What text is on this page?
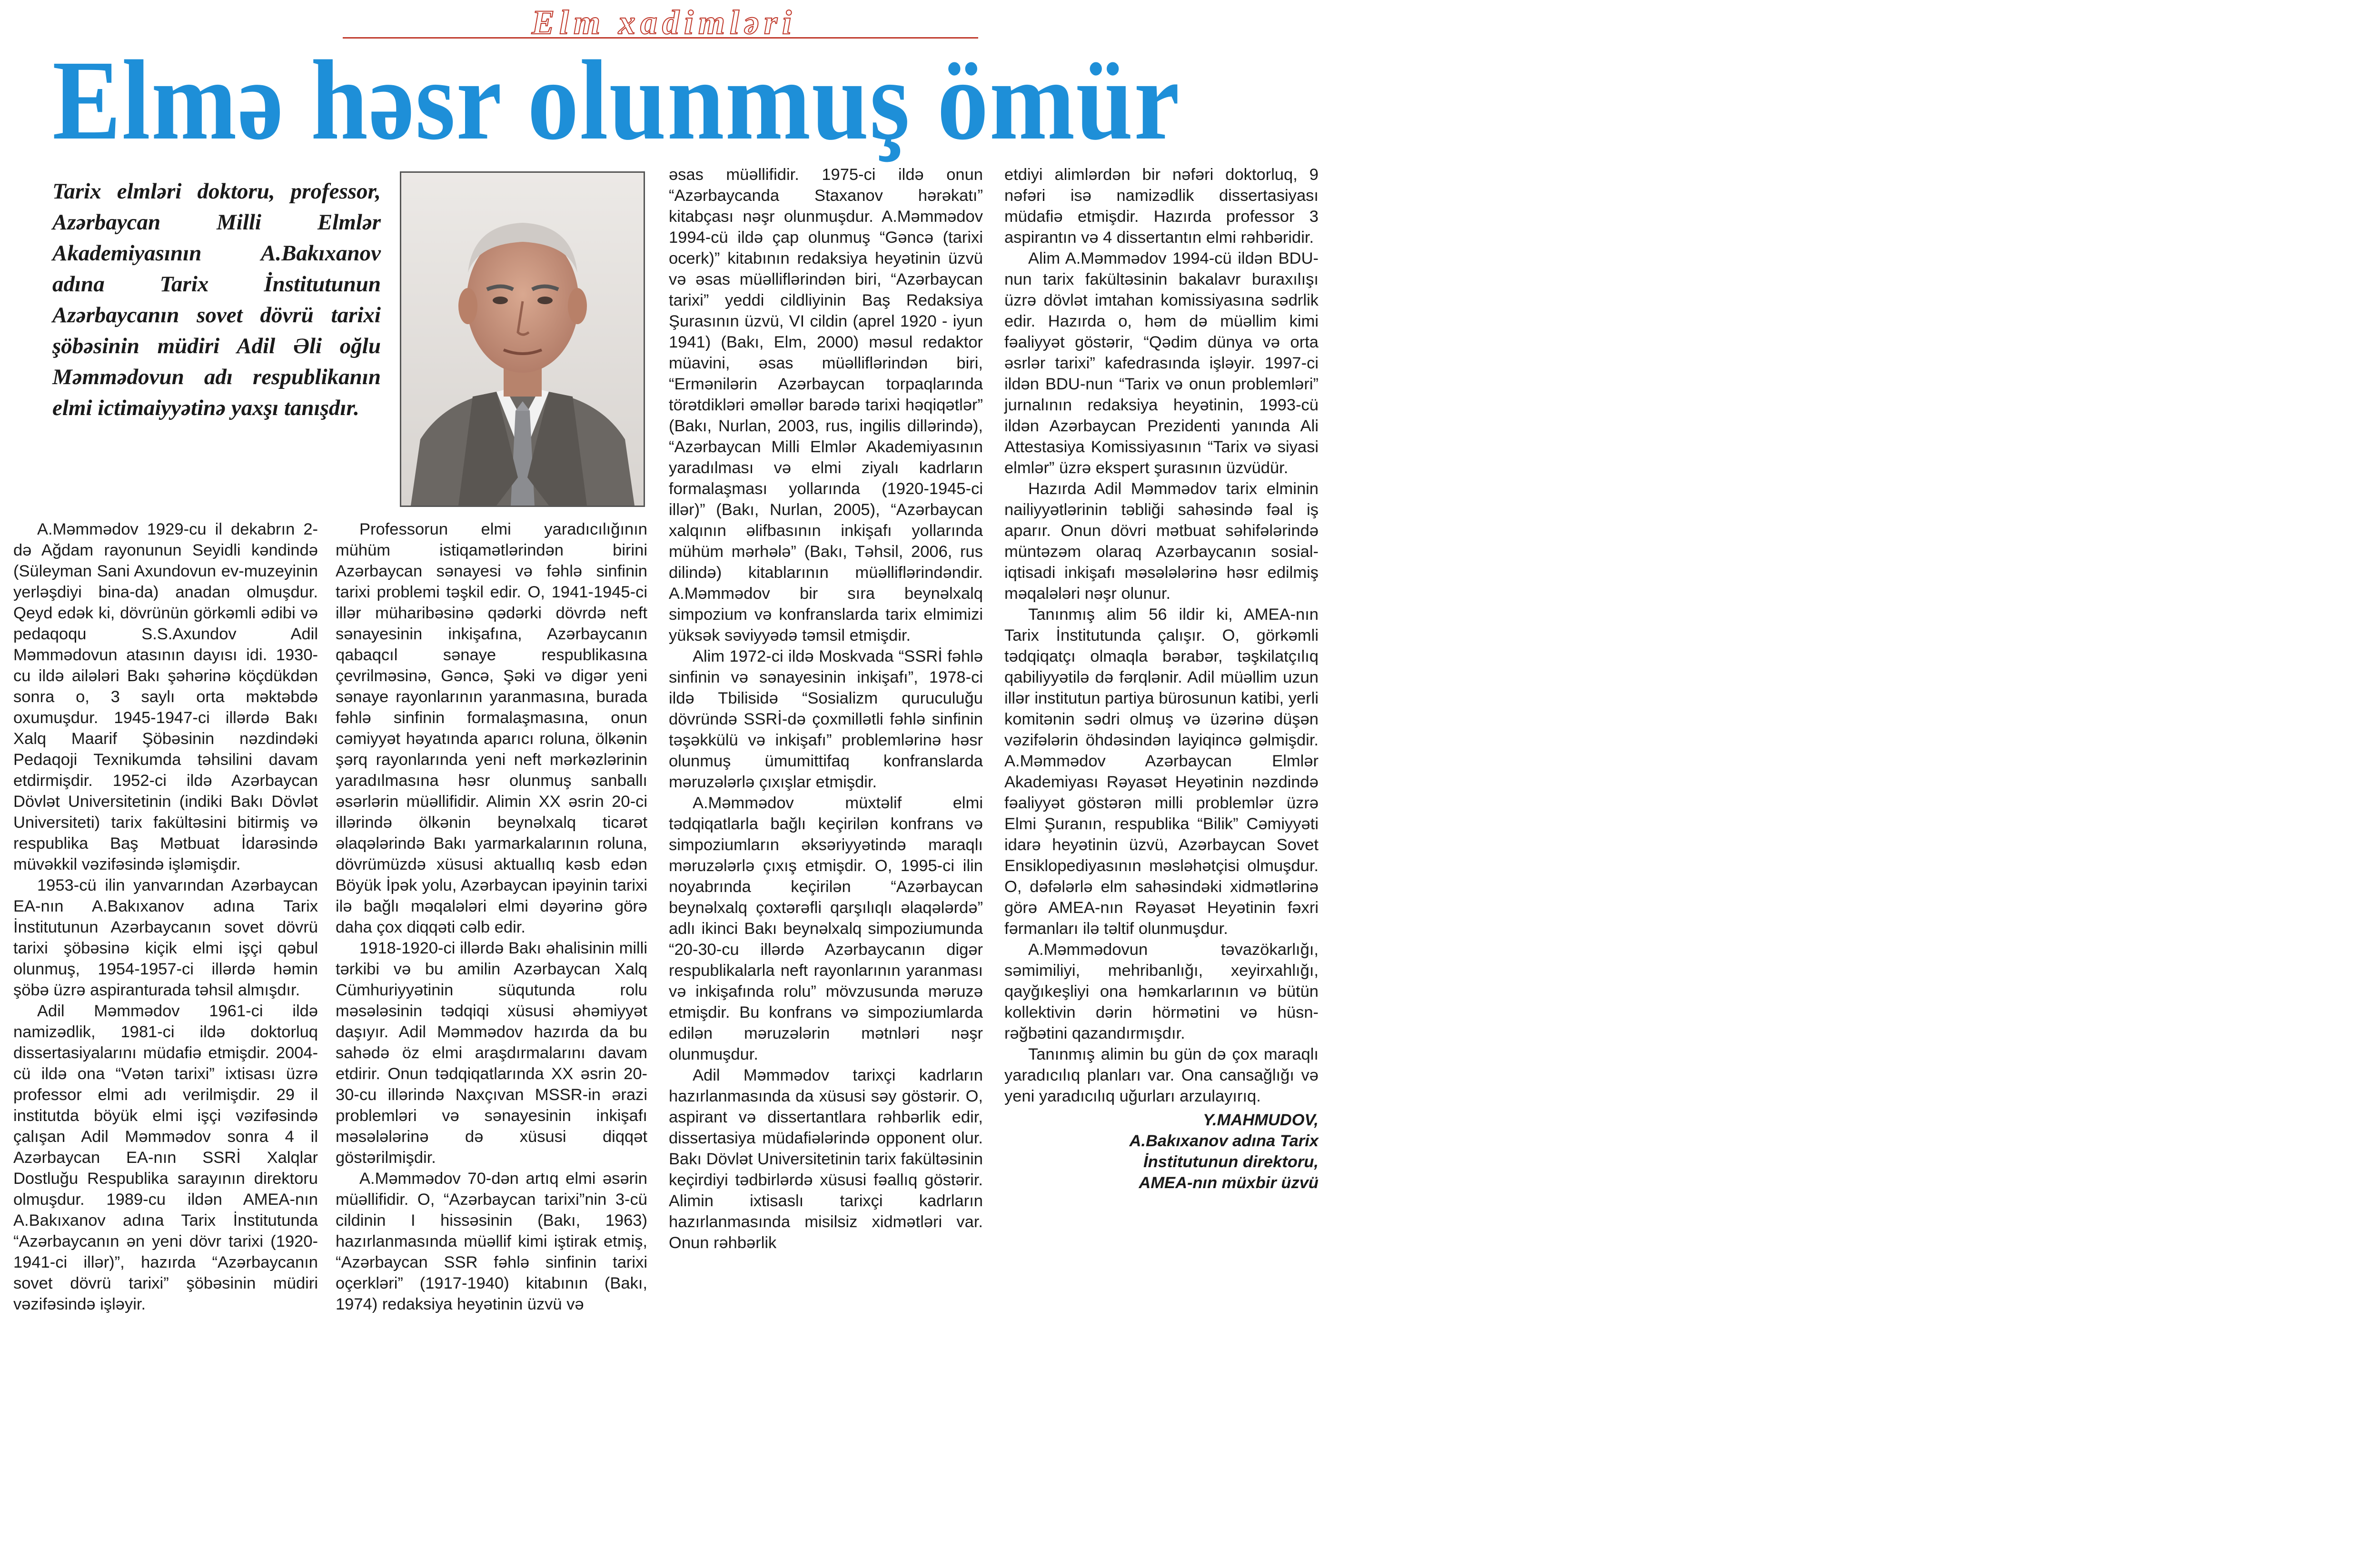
Elm xadimləri
Elmə həsr olunmuş ömür
Tarix elmləri doktoru, professor, Azərbaycan Milli Elmlər Akademiyasının A.Bakıxanov adına Tarix İnstitutunun Azərbaycanın sovet dövrü tarixi şöbəsinin müdiri Adil Əli oğlu Məmmədovun adı respublikanın elmi ictimaiyyətinə yaxşı tanışdır.

A.Məmmədov 1929-cu il dekabrın 2-də Ağdam rayonunun Seyidli kəndində (Süleyman Sani Axundovun ev-muzeyinin yerləşdiyi bina-da) anadan olmuşdur. Qeyd edək ki, dövrünün görkəmli ədibi və pedaqoqu S.S.Axundov Adil Məmmədovun atasının dayısı idi. 1930-cu ildə ailələri Bakı şəhərinə köçdükdən sonra o, 3 saylı orta məktəbdə oxumuşdur. 1945-1947-ci illərdə Bakı Xalq Maarif Şöbəsinin nəzdindəki Pedaqoji Texnikumda təhsilini davam etdirmişdir. 1952-ci ildə Azərbaycan Dövlət Universitetinin (indiki Bakı Dövlət Universiteti) tarix fakültəsini bitirmiş və respublika Baş Mətbuat İdarəsində müvəkkil vəzifəsində işləmişdir.

1953-cü ilin yanvarından Azərbaycan EA-nın A.Bakıxanov adına Tarix İnstitutunun Azərbaycanın sovet dövrü tarixi şöbəsinə kiçik elmi işçi qəbul olunmuş, 1954-1957-ci illərdə həmin şöbə üzrə aspiranturada təhsil almışdır.

Adil Məmmədov 1961-ci ildə namizədlik, 1981-ci ildə doktorluq dissertasiyalarını müdafiə etmişdir. 2004-cü ildə ona “Vətən tarixi” ixtisası üzrə professor elmi adı verilmişdir. 29 il institutda böyük elmi işçi vəzifəsində çalışan Adil Məmmədov sonra 4 il Azərbaycan EA-nın SSRİ Xalqlar Dostluğu Respublika sarayının direktoru olmuşdur. 1989-cu ildən AMEA-nın A.Bakıxanov adına Tarix İnstitutunda “Azərbaycanın ən yeni dövr tarixi (1920-1941-ci illər)”, hazırda “Azərbaycanın sovet dövrü tarixi” şöbəsinin müdiri vəzifəsində işləyir.

Professorun elmi yaradıcılığının mühüm istiqamətlərindən birini Azərbaycan sənayesi və fəhlə sinfinin tarixi problemi təşkil edir. O, 1941-1945-ci illər müharibəsinə qədərki dövrdə neft sənayesinin inkişafına, Azərbaycanın qabaqcıl sənaye respublikasına çevrilməsinə, Gəncə, Şəki və digər yeni sənaye rayonlarının yaranmasına, burada fəhlə sinfinin formalaşmasına, onun cəmiyyət həyatında aparıcı roluna, ölkənin şərq rayonlarında yeni neft mərkəzlərinin yaradılmasına həsr olunmuş sanballı əsərlərin müəllifidir. Alimin XX əsrin 20-ci illərində ölkənin beynəlxalq ticarət əlaqələrində Bakı yarmarkalarının roluna, dövrümüzdə xüsusi aktuallıq kəsb edən Böyük İpək yolu, Azərbaycan ipəyinin tarixi ilə bağlı məqalələri elmi dəyərinə görə daha çox diqqəti cəlb edir.

1918-1920-ci illərdə Bakı əhalisinin milli tərkibi və bu amilin Azərbaycan Xalq Cümhuriyyətinin süqutunda rolu məsələsinin tədqiqi xüsusi əhəmiyyət daşıyır. Adil Məmmədov hazırda da bu sahədə öz elmi araşdırmalarını davam etdirir. Onun tədqiqatlarında XX əsrin 20-30-cu illərində Naxçıvan MSSR-in ərazi problemləri və sənayesinin inkişafı məsələlərinə də xüsusi diqqət göstərilmişdir.

A.Məmmədov 70-dən artıq elmi əsərin müəllifidir. O, “Azərbaycan tarixi”nin 3-cü cildinin I hissəsinin (Bakı, 1963) hazırlanmasında müəllif kimi iştirak etmiş, “Azərbaycan SSR fəhlə sinfinin tarixi oçerkləri” (1917-1940) kitabının (Bakı, 1974) redaksiya heyətinin üzvü və

əsas müəllifidir. 1975-ci ildə onun “Azərbaycanda Staxanov hərəkatı” kitabçası nəşr olunmuşdur. A.Məmmədov 1994-cü ildə çap olunmuş “Gəncə (tarixi ocerk)” kitabının redaksiya heyətinin üzvü və əsas müəlliflərindən biri, “Azərbaycan tarixi” yeddi cildliyinin Baş Redaksiya Şurasının üzvü, VI cildin (aprel 1920 - iyun 1941) (Bakı, Elm, 2000) məsul redaktor müavini, əsas müəlliflərindən biri, “Ermənilərin Azərbaycan torpaqlarında törətdikləri əməllər barədə tarixi həqiqətlər” (Bakı, Nurlan, 2003, rus, ingilis dillərində), “Azərbaycan Milli Elmlər Akademiyasının yaradılması və elmi ziyalı kadrların formalaşması yollarında (1920-1945-ci illər)” (Bakı, Nurlan, 2005), “Azərbaycan xalqının əlifbasının inkişafı yollarında mühüm mərhələ” (Bakı, Təhsil, 2006, rus dilində) kitablarının müəlliflərindəndir. A.Məmmədov bir sıra beynəlxalq simpozium və konfranslarda tarix elmimizi yüksək səviyyədə təmsil etmişdir.

Alim 1972-ci ildə Moskvada “SSRİ fəhlə sinfinin və sənayesinin inkişafı”, 1978-ci ildə Tbilisidə “Sosializm quruculuğu dövründə SSRİ-də çoxmillətli fəhlə sinfinin təşəkkülü və inkişafı” problemlərinə həsr olunmuş ümumittifaq konfranslarda məruzələrlə çıxışlar etmişdir.

A.Məmmədov müxtəlif elmi tədqiqatlarla bağlı keçirilən konfrans və simpoziumların əksəriyyətində maraqlı məruzələrlə çıxış etmişdir. O, 1995-ci ilin noyabrında keçirilən “Azərbaycan beynəlxalq çoxtərəfli qarşılıqlı əlaqələrdə” adlı ikinci Bakı beynəlxalq simpoziumunda “20-30-cu illərdə Azərbaycanın digər respublikalarla neft rayonlarının yaranması və inkişafında rolu” mövzusunda məruzə etmişdir. Bu konfrans və simpoziumlarda edilən məruzələrin mətnləri nəşr olunmuşdur.

Adil Məmmədov tarixçi kadrların hazırlanmasında da xüsusi səy göstərir. O, aspirant və dissertantlara rəhbərlik edir, dissertasiya müdafiələrində opponent olur. Bakı Dövlət Universitetinin tarix fakültəsinin keçirdiyi tədbirlərdə xüsusi fəallıq göstərir. Alimin ixtisaslı tarixçi kadrların hazırlanmasında misilsiz xidmətləri var. Onun rəhbərlik

etdiyi alimlərdən bir nəfəri doktorluq, 9 nəfəri isə namizədlik dissertasiyası müdafiə etmişdir. Hazırda professor 3 aspirantın və 4 dissertantın elmi rəhbəridir.

Alim A.Məmmədov 1994-cü ildən BDU-nun tarix fakültəsinin bakalavr buraxılışı üzrə dövlət imtahan komissiyasına sədrlik edir. Hazırda o, həm də müəllim kimi fəaliyyət göstərir, “Qədim dünya və orta əsrlər tarixi” kafedrasında işləyir. 1997-ci ildən BDU-nun “Tarix və onun problemləri” jurnalının redaksiya heyətinin, 1993-cü ildən Azərbaycan Prezidenti yanında Ali Attestasiya Komissiyasının “Tarix və siyasi elmlər” üzrə ekspert şurasının üzvüdür.

Hazırda Adil Məmmədov tarix elminin nailiyyətlərinin təbliği sahəsində fəal iş aparır. Onun dövri mətbuat səhifələrində müntəzəm olaraq Azərbaycanın sosial-iqtisadi inkişafı məsələlərinə həsr edilmiş məqalələri nəşr olunur.

Tanınmış alim 56 ildir ki, AMEA-nın Tarix İnstitutunda çalışır. O, görkəmli tədqiqatçı olmaqla bərabər, təşkilatçılıq qabiliyyətilə də fərqlənir. Adil müəllim uzun illər institutun partiya bürosunun katibi, yerli komitənin sədri olmuş və üzərinə düşən vəzifələrin öhdəsindən layiqincə gəlmişdir. A.Məmmədov Azərbaycan Elmlər Akademiyası Rəyasət Heyətinin nəzdində fəaliyyət göstərən milli problemlər üzrə Elmi Şuranın, respublika “Bilik” Cəmiyyəti idarə heyətinin üzvü, Azərbaycan Sovet Ensiklopediyasının məsləhətçisi olmuşdur. O, dəfələrlə elm sahəsindəki xidmətlərinə görə AMEA-nın Rəyasət Heyətinin fəxri fərmanları ilə təltif olunmuşdur.

A.Məmmədovun təvazökarlığı, səmimiliyi, mehribanlığı, xeyirxahlığı, qayğıkeşliyi ona həmkarlarının və bütün kollektivin dərin hörmətini və hüsn-rəğbətini qazandırmışdır.

Tanınmış alimin bu gün də çox maraqlı yaradıcılıq planları var. Ona cansağlığı və yeni yaradıcılıq uğurları arzulayırıq.

Y.MAHMUDOV,
A.Bakıxanov adına Tarix
İnstitutunun direktoru,
AMEA-nın müxbir üzvü
